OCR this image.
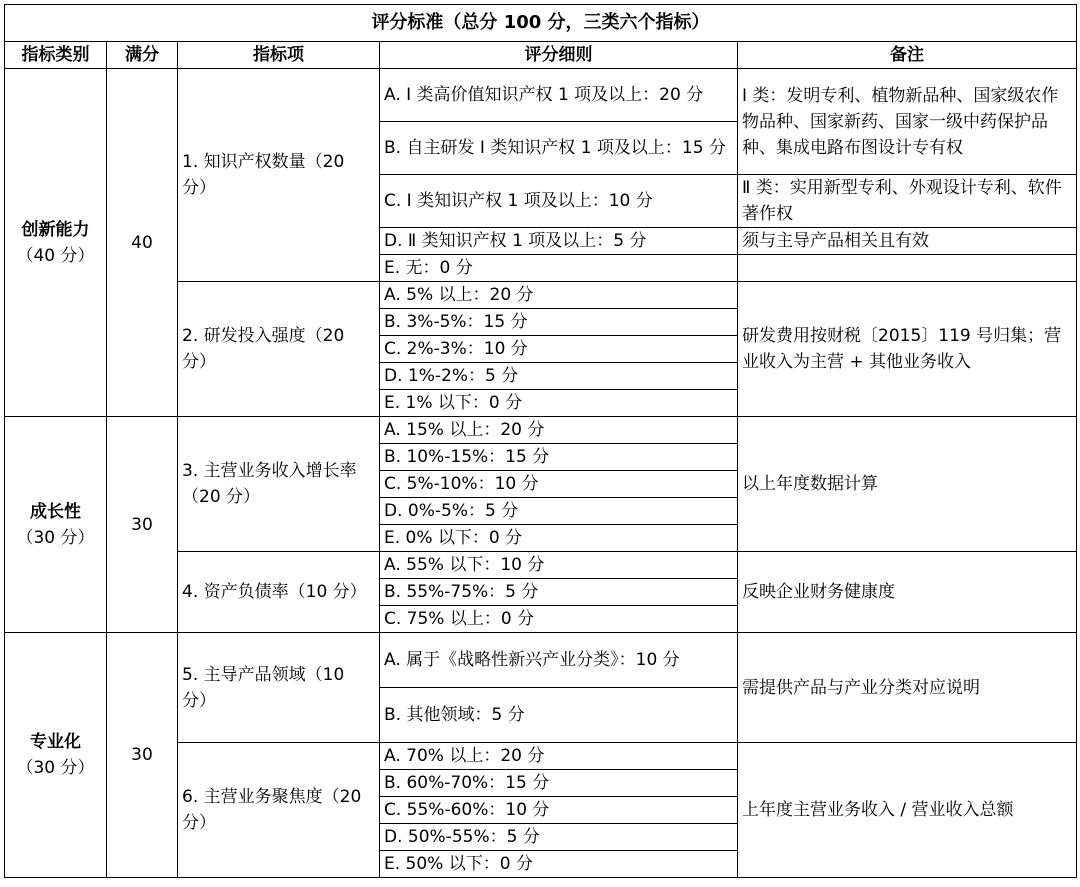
评分标准（总分 100 分，三类六个指标）				
指标类别	满分	指标项	评分细则	备注

创新能力
（40 分）	40	1. 知识产权数量（20 分）	A. Ⅰ 类高价值知识产权 1 项及以上：20 分	Ⅰ 类：发明专利、植物新品种、国家级农作物品种、国家新药、国家一级中药保护品种、集成电路布图设计专有权
			B. 自主研发 Ⅰ 类知识产权 1 项及以上：15 分	
			C. Ⅰ 类知识产权 1 项及以上：10 分	Ⅱ 类：实用新型专利、外观设计专利、软件著作权
			D. Ⅱ 类知识产权 1 项及以上：5 分	须与主导产品相关且有效
			E. 无：0 分	
		2. 研发投入强度（20 分）	A. 5% 以上：20 分	研发费用按财税〔2015〕119 号归集；营业收入为主营 + 其他业务收入
			B. 3%-5%：15 分	
			C. 2%-3%：10 分	
			D. 1%-2%：5 分	
			E. 1% 以下：0 分	

成长性
（30 分）	30	3. 主营业务收入增长率（20 分）	A. 15% 以上：20 分	以上年度数据计算
			B. 10%-15%：15 分	
			C. 5%-10%：10 分	
			D. 0%-5%：5 分	
			E. 0% 以下：0 分	
		4. 资产负债率（10 分）	A. 55% 以下：10 分	反映企业财务健康度
			B. 55%-75%：5 分	
			C. 75% 以上：0 分	

专业化
（30 分）	30	5. 主导产品领域（10 分）	A. 属于《战略性新兴产业分类》：10 分	需提供产品与产业分类对应说明
			B. 其他领域：5 分	
		6. 主营业务聚焦度（20 分）	A. 70% 以上：20 分	上年度主营业务收入 / 营业收入总额
			B. 60%-70%：15 分	
			C. 55%-60%：10 分	
			D. 50%-55%：5 分	
			E. 50% 以下：0 分	
